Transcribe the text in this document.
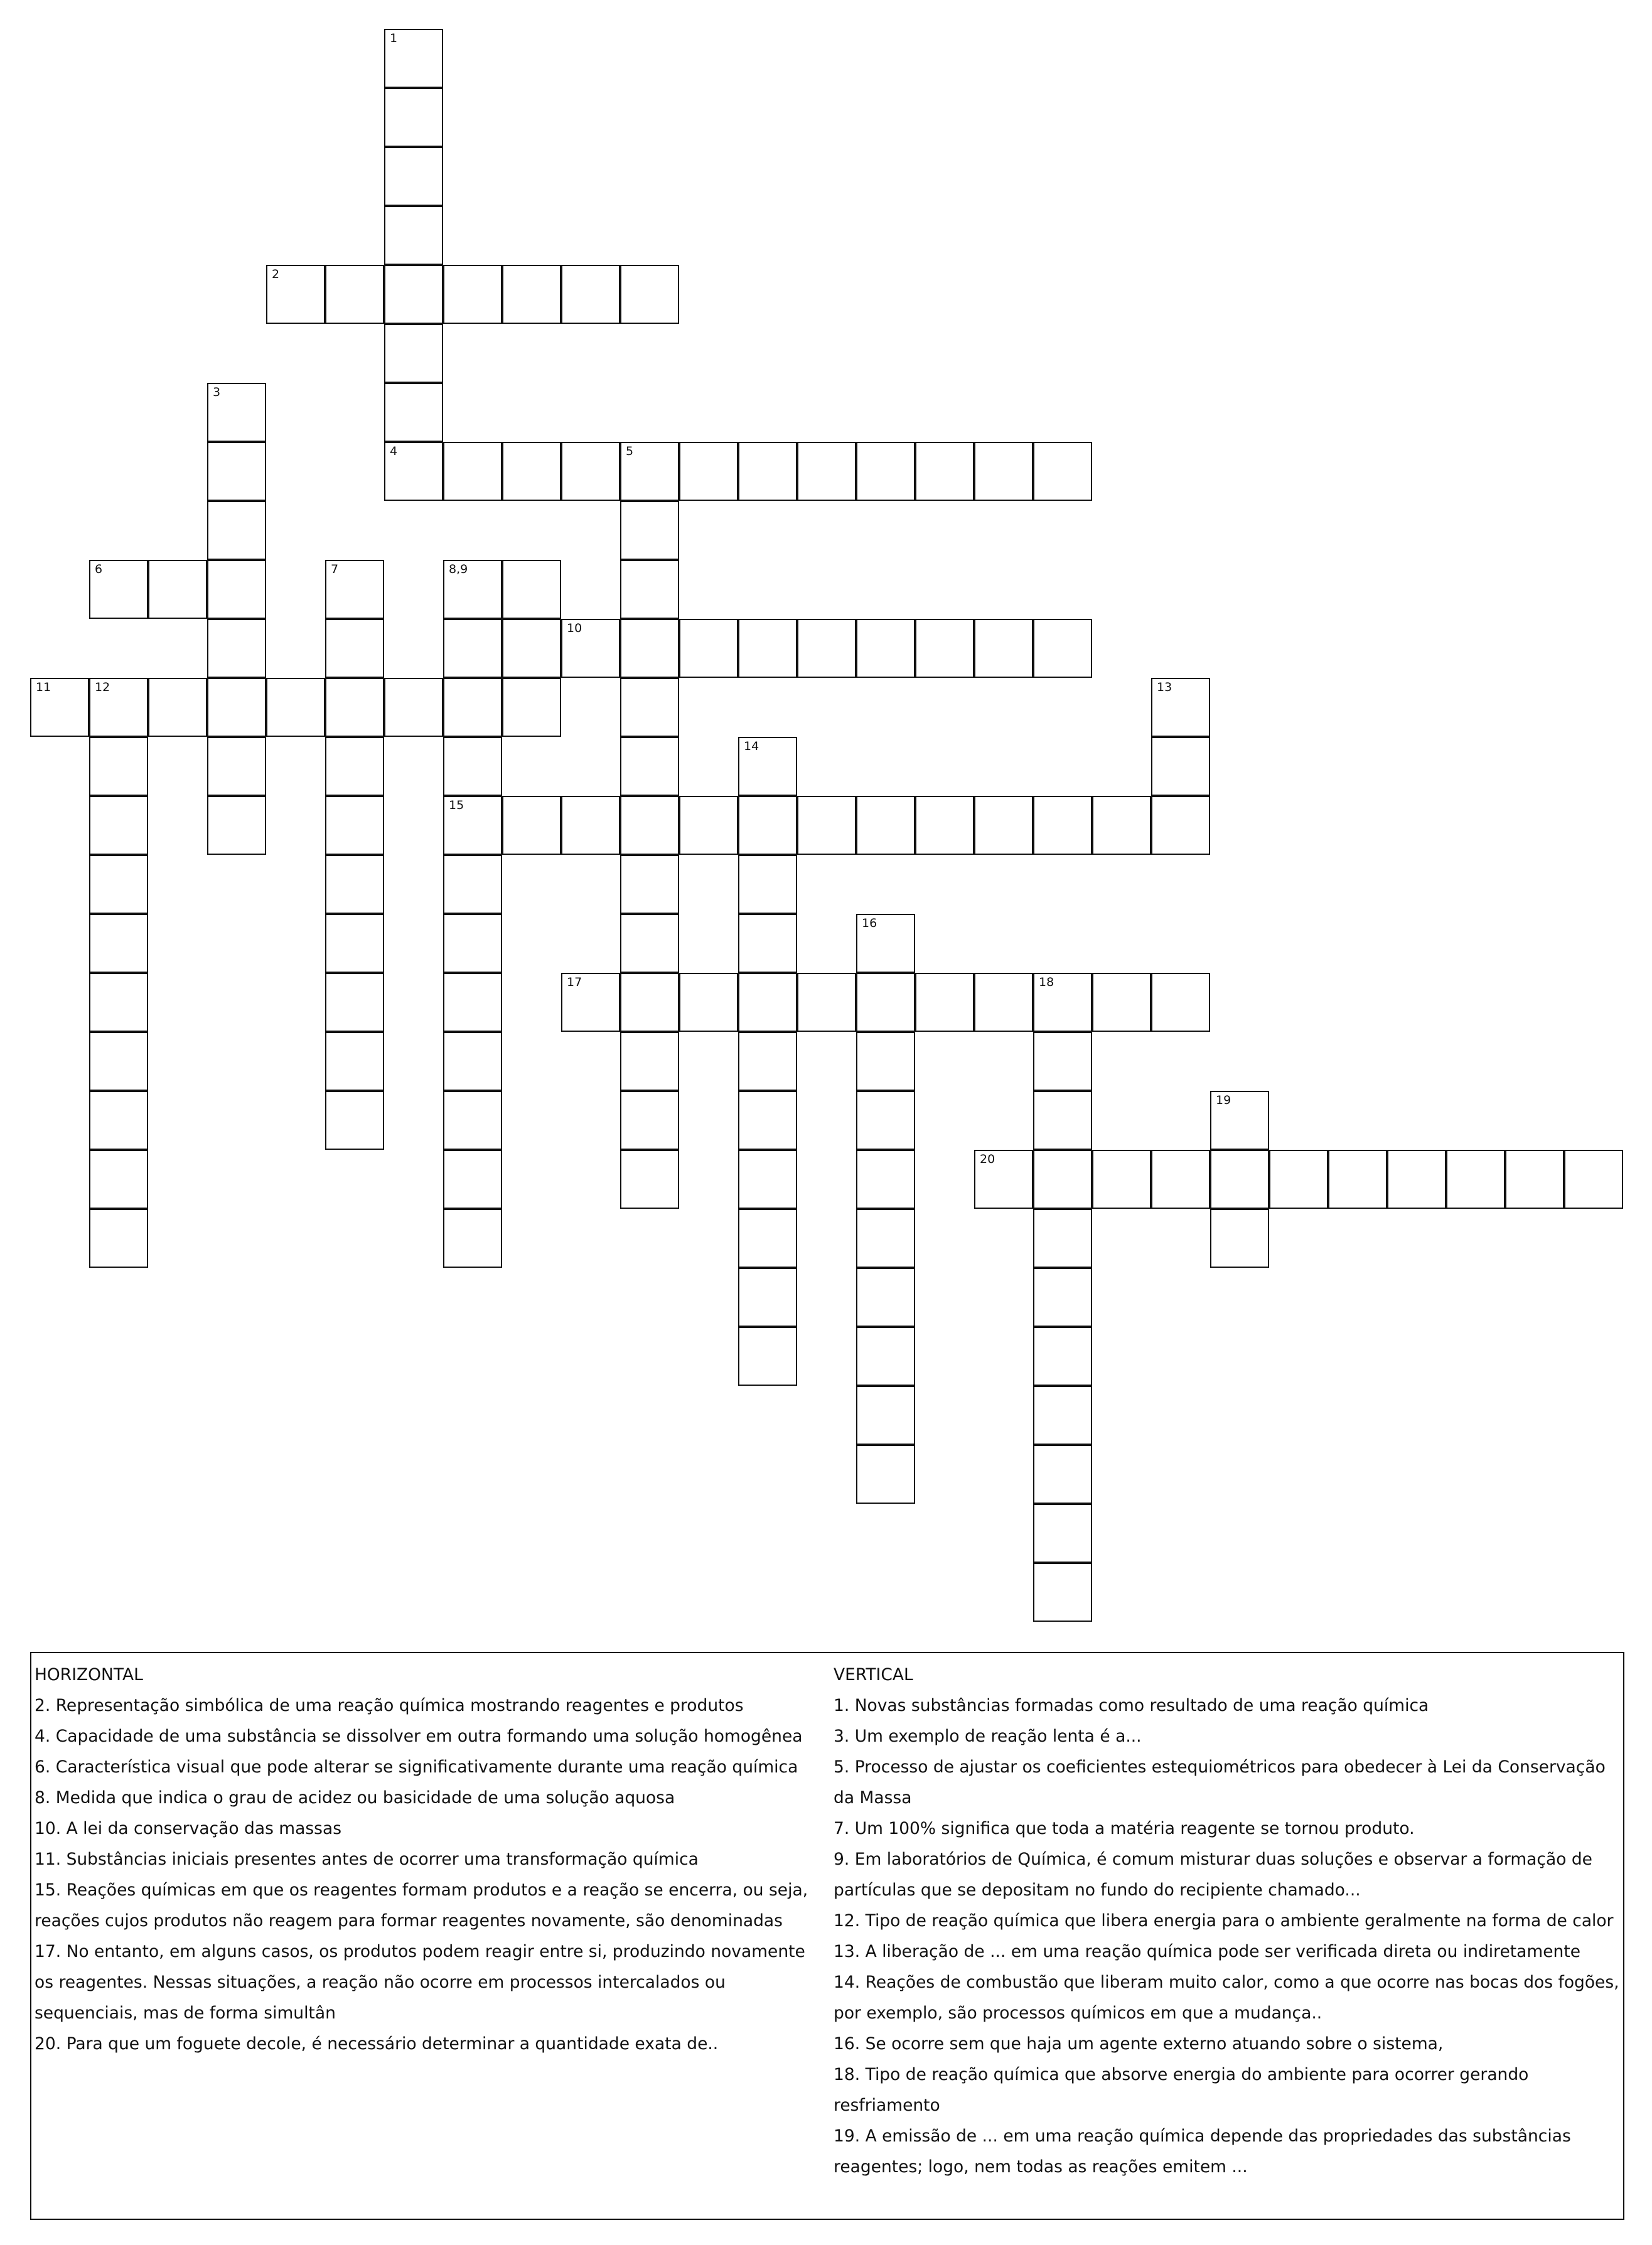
1
2
3
4	5
6	7	8,9
10
11	12	13
14
15
16
17	18
19
20
HORIZONTAL
2. Representação simbólica de uma reação química mostrando reagentes e produtos
4. Capacidade de uma substância se dissolver em outra formando uma solução homogênea
6. Característica visual que pode alterar se significativamente durante uma reação química
8. Medida que indica o grau de acidez ou basicidade de uma solução aquosa
10. A lei da conservação das massas
11. Substâncias iniciais presentes antes de ocorrer uma transformação química
15. Reações químicas em que os reagentes formam produtos e a reação se encerra, ou seja,
reações cujos produtos não reagem para formar reagentes novamente, são denominadas
17. No entanto, em alguns casos, os produtos podem reagir entre si, produzindo novamente
os reagentes. Nessas situações, a reação não ocorre em processos intercalados ou
sequenciais, mas de forma simultân
20. Para que um foguete decole, é necessário determinar a quantidade exata de..
VERTICAL
1. Novas substâncias formadas como resultado de uma reação química
3. Um exemplo de reação lenta é a...
5. Processo de ajustar os coeficientes estequiométricos para obedecer à Lei da Conservação
da Massa
7. Um 100% significa que toda a matéria reagente se tornou produto.
9. Em laboratórios de Química, é comum misturar duas soluções e observar a formação de
partículas que se depositam no fundo do recipiente chamado...
12. Tipo de reação química que libera energia para o ambiente geralmente na forma de calor
13. A liberação de ... em uma reação química pode ser verificada direta ou indiretamente
14. Reações de combustão que liberam muito calor, como a que ocorre nas bocas dos fogões,
por exemplo, são processos químicos em que a mudança..
16. Se ocorre sem que haja um agente externo atuando sobre o sistema,
18. Tipo de reação química que absorve energia do ambiente para ocorrer gerando
resfriamento
19. A emissão de ... em uma reação química depende das propriedades das substâncias
reagentes; logo, nem todas as reações emitem ...
